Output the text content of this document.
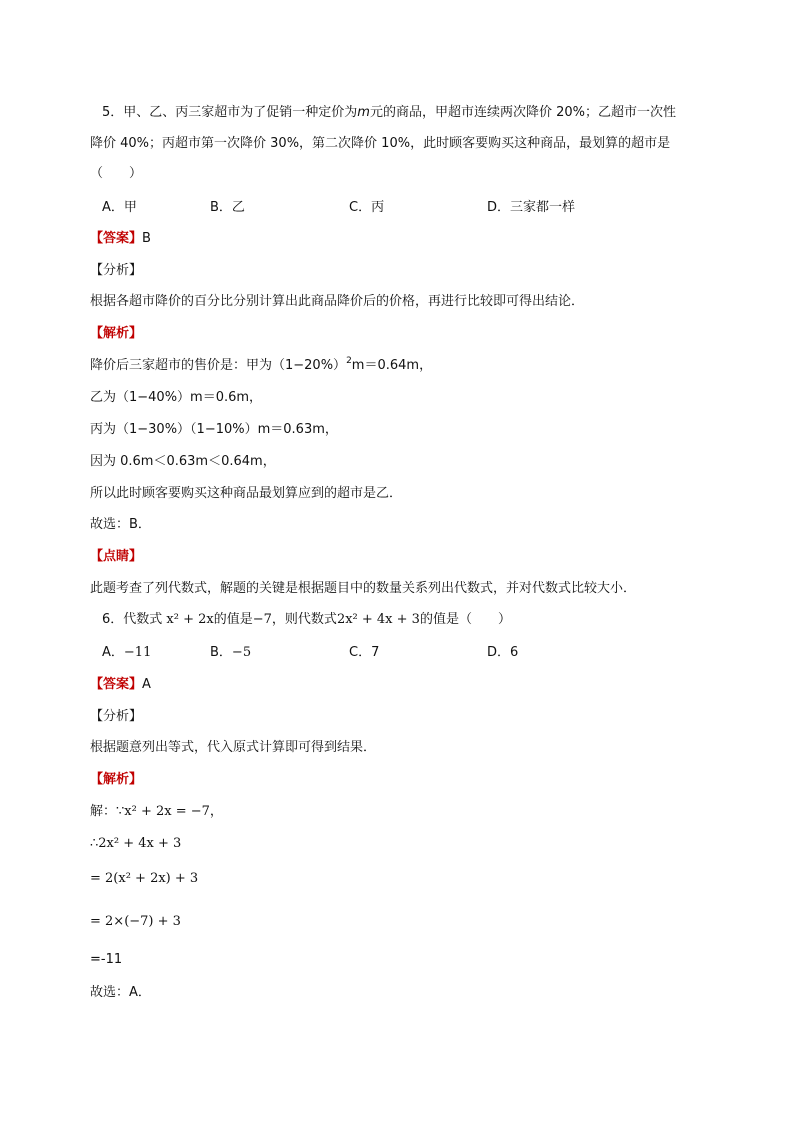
5．甲、乙、丙三家超市为了促销一种定价为m元的商品，甲超市连续两次降价 20%；乙超市一次性
降价 40%；丙超市第一次降价 30%，第二次降价 10%，此时顾客要购买这种商品，最划算的超市是
（　　）
A．甲	B．乙	C．丙	D．三家都一样
【答案】B
【分析】
根据各超市降价的百分比分别计算出此商品降价后的价格，再进行比较即可得出结论．
【解析】
降价后三家超市的售价是：甲为$(1-20\%)^2m=0.64m$，
乙为（1−40%）m＝0.6m，
丙为（1−30%）（1−10%）m＝0.63m，
因为 0.6m＜0.63m＜0.64m，
所以此时顾客要购买这种商品最划算应到的超市是乙．
故选：B．
【点睛】
此题考查了列代数式，解题的关键是根据题目中的数量关系列出代数式，并对代数式比较大小．
6．代数式 x² + 2x的值是−7，则代数式2x² + 4x + 3的值是（　　）
A．−11	B．−5	C．7	D．6
【答案】A
【分析】
根据题意列出等式，代入原式计算即可得到结果．
【解析】
解：∵x² + 2x = −7，
∴2x² + 4x + 3
= 2(x² + 2x) + 3
= 2×(−7) + 3
=-11
故选：A．
